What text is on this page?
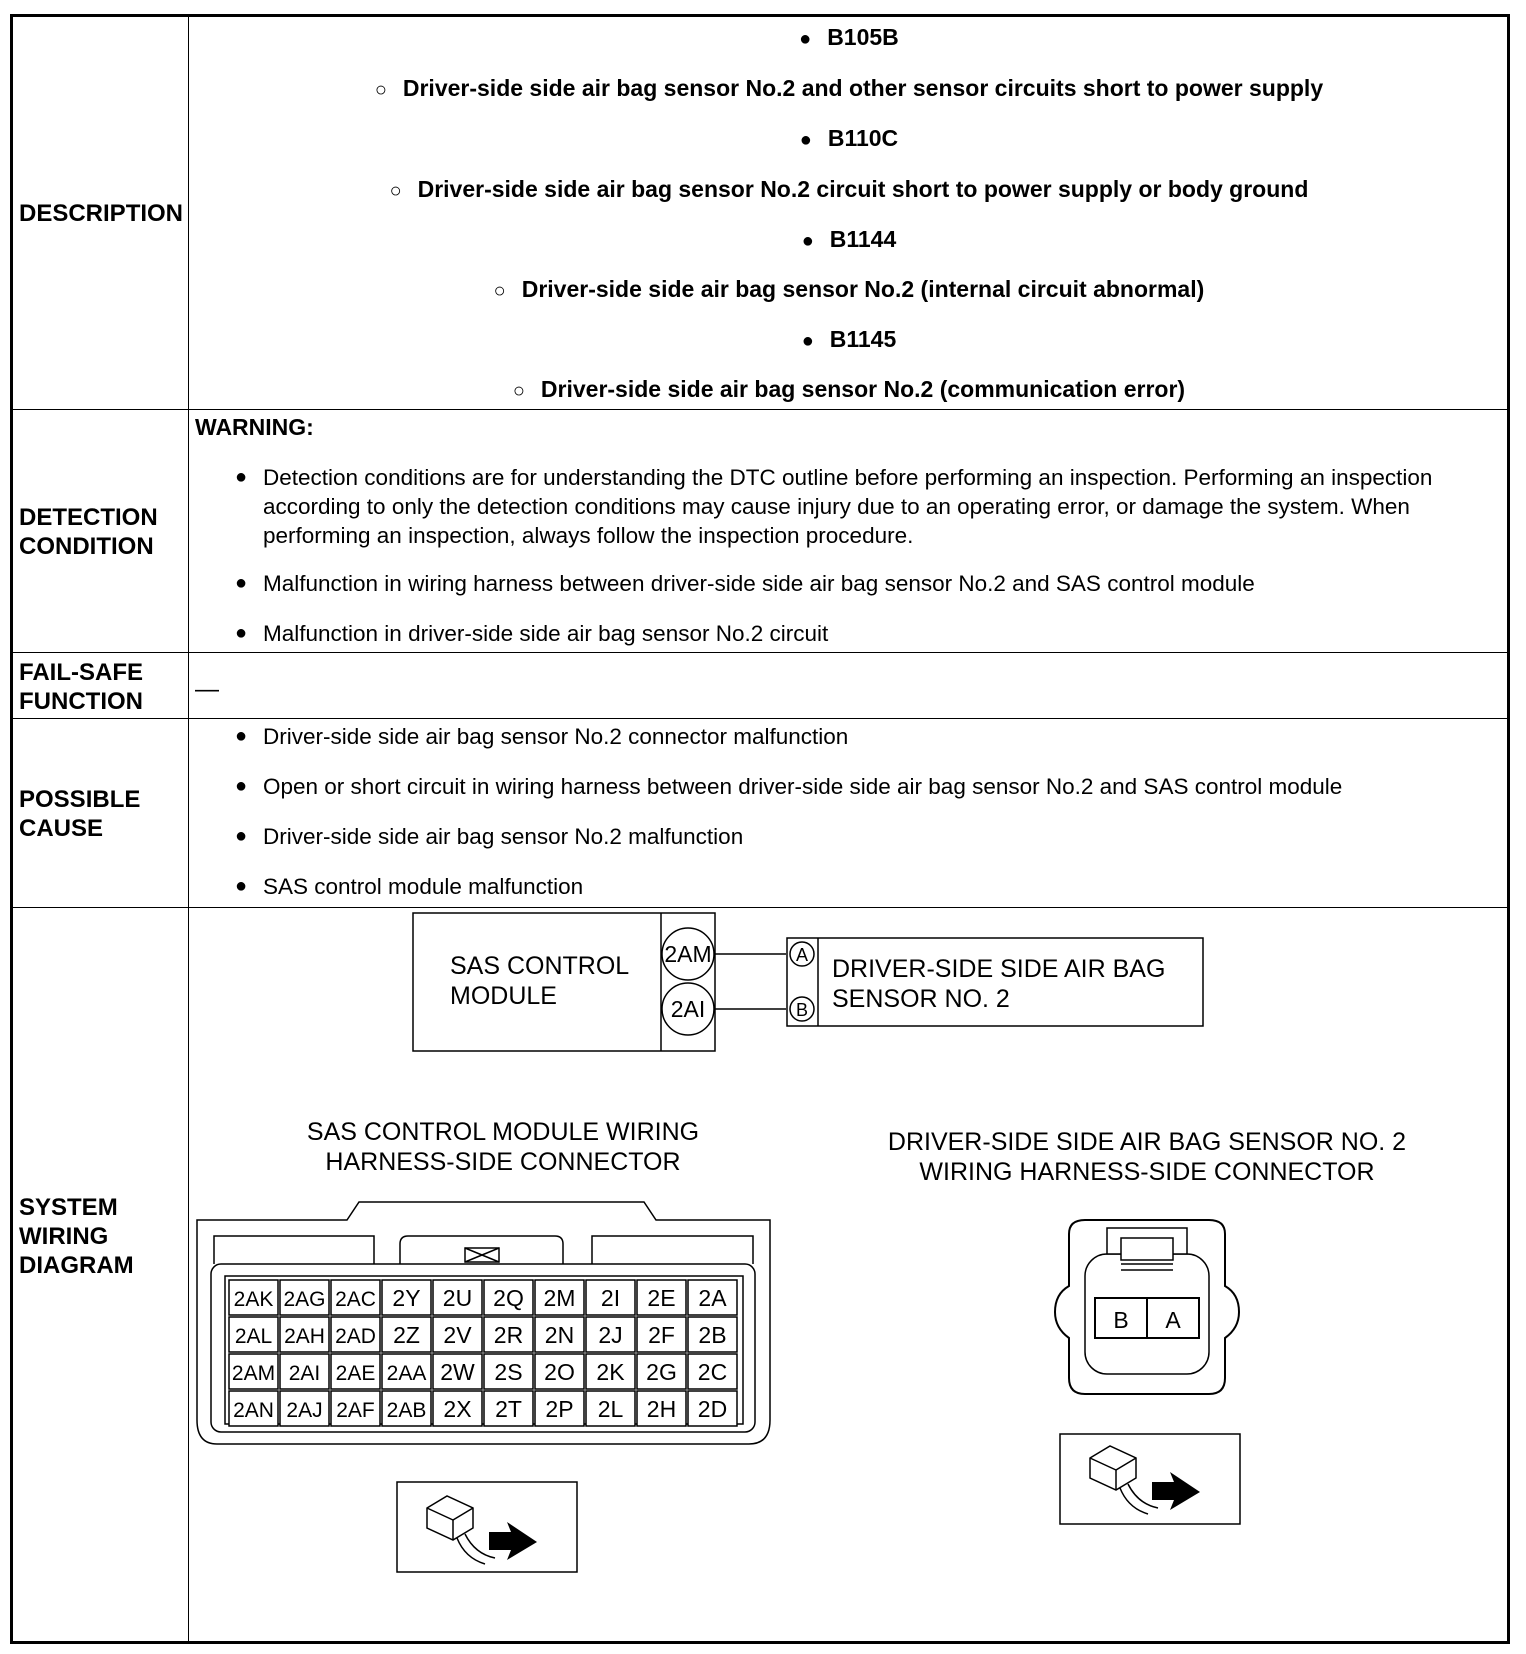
DESCRIPTION
● B105B
○ Driver-side side air bag sensor No.2 and other sensor circuits short to power supply
● B110C
○ Driver-side side air bag sensor No.2 circuit short to power supply or body ground
● B1144
○ Driver-side side air bag sensor No.2 (internal circuit abnormal)
● B1145
○ Driver-side side air bag sensor No.2 (communication error)
DETECTION CONDITION
WARNING:
● Detection conditions are for understanding the DTC outline before performing an inspection. Performing an inspection according to only the detection conditions may cause injury due to an operating error, or damage the system. When performing an inspection, always follow the inspection procedure.
● Malfunction in wiring harness between driver-side side air bag sensor No.2 and SAS control module
● Malfunction in driver-side side air bag sensor No.2 circuit
FAIL-SAFE FUNCTION	—
POSSIBLE CAUSE
● Driver-side side air bag sensor No.2 connector malfunction
● Open or short circuit in wiring harness between driver-side side air bag sensor No.2 and SAS control module
● Driver-side side air bag sensor No.2 malfunction
● SAS control module malfunction
SYSTEM WIRING DIAGRAM
SAS CONTROL
MODULE
2AM
2AI
A
B
DRIVER-SIDE SIDE AIR BAG
SENSOR NO. 2
SAS CONTROL MODULE WIRING
HARNESS-SIDE CONNECTOR
DRIVER-SIDE SIDE AIR BAG SENSOR NO. 2
WIRING HARNESS-SIDE CONNECTOR
2AK 2AG 2AC 2Y 2U 2Q 2M 2I 2E 2A
2AL 2AH 2AD 2Z 2V 2R 2N 2J 2F 2B
2AM 2AI 2AE 2AA 2W 2S 2O 2K 2G 2C
2AN 2AJ 2AF 2AB 2X 2T 2P 2L 2H 2D
B A
